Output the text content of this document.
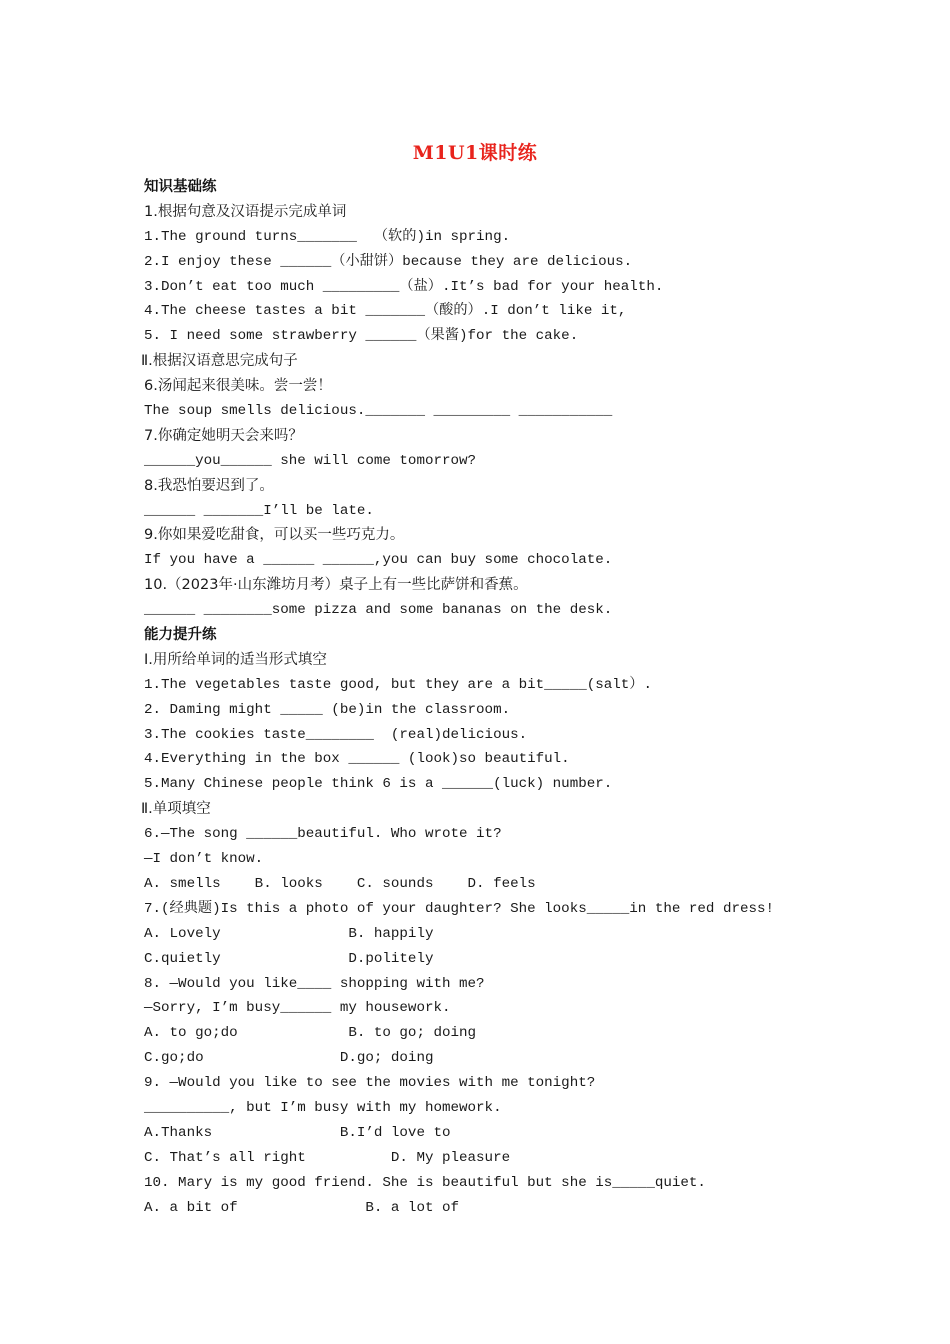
M1U1课时练
知识基础练
1.根据句意及汉语提示完成单词
1.The ground turns_______  （软的)in spring.
2.I enjoy these ______（小甜饼）because they are delicious.
3.Don’t eat too much _________（盐）.It’s bad for your health.
4.The cheese tastes a bit _______（酸的）.I don’t like it,
5. I need some strawberry ______（果酱)for the cake.
Ⅱ.根据汉语意思完成句子
6.汤闻起来很美味。尝一尝！
The soup smells delicious._______ _________ ___________
7.你确定她明天会来吗？
______you______ she will come tomorrow?
8.我恐怕要迟到了。
______ _______I’ll be late.
9.你如果爱吃甜食，可以买一些巧克力。
If you have a ______ ______,you can buy some chocolate.
10.（2023年·山东潍坊月考）桌子上有一些比萨饼和香蕉。
______ ________some pizza and some bananas on the desk.
能力提升练
I.用所给单词的适当形式填空
1.The vegetables taste good, but they are a bit_____(salt）.
2. Daming might _____ (be)in the classroom.
3.The cookies taste________  (real)delicious.
4.Everything in the box ______ (look)so beautiful.
5.Many Chinese people think 6 is a ______(luck) number.
Ⅱ.单项填空
6.—The song ______beautiful. Who wrote it?
—I don’t know.
A. smells    B. looks    C. sounds    D. feels
7.(经典题)Is this a photo of your daughter? She looks_____in the red dress!
A. Lovely               B. happily
C.quietly               D.politely
8. —Would you like____ shopping with me?
—Sorry, I’m busy______ my housework.
A. to go;do             B. to go; doing
C.go;do                D.go; doing
9. —Would you like to see the movies with me tonight?
__________, but I’m busy with my homework.
A.Thanks               B.I’d love to
C. That’s all right          D. My pleasure
10. Mary is my good friend. She is beautiful but she is_____quiet.
A. a bit of               B. a lot of
